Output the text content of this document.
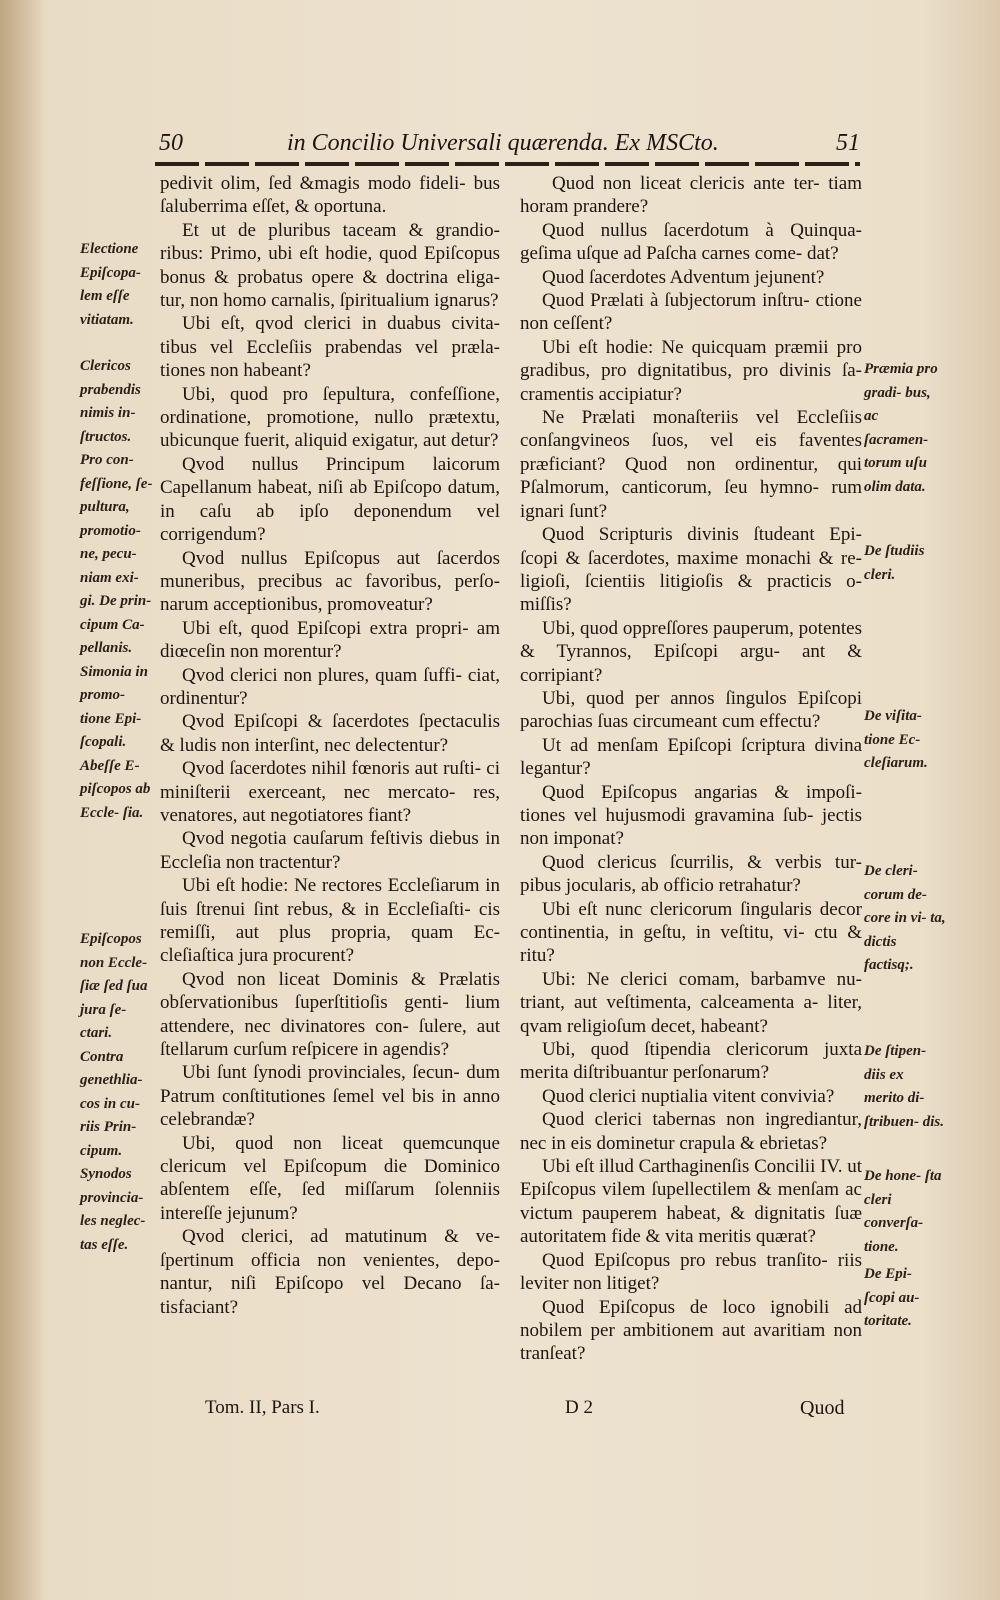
50	in Concilio Universali quærenda. Ex MSCto.	51

pedivit olim, ſed &magis modo fideli- bus ſaluberrima eſſet, & oportuna.

Et ut de pluribus taceam & grandio- ribus: Primo, ubi eſt hodie, quod Epiſcopus bonus & probatus opere & doctrina eliga- tur, non homo carnalis, ſpiritualium ignarus?

Ubi eſt, qvod clerici in duabus civita- tibus vel Eccleſiis prabendas vel præla- tiones non habeant?

Ubi, quod pro ſepultura, confeſſione, ordinatione, promotione, nullo prætextu, ubicunque fuerit, aliquid exigatur, aut detur?

Qvod nullus Principum laicorum Capellanum habeat, niſi ab Epiſcopo datum, in caſu ab ipſo deponendum vel corrigendum?

Qvod nullus Epiſcopus aut ſacerdos muneribus, precibus ac favoribus, perſo- narum acceptionibus, promoveatur?

Ubi eſt, quod Epiſcopi extra propri- am diœceſin non morentur?

Qvod clerici non plures, quam ſuffi- ciat, ordinentur?

Qvod Epiſcopi & ſacerdotes ſpectaculis & ludis non interſint, nec delectentur?

Qvod ſacerdotes nihil fœnoris aut ruſti- ci miniſterii exerceant, nec mercato- res, venatores, aut negotiatores fiant?

Qvod negotia cauſarum feſtivis diebus in Eccleſia non tractentur?

Ubi eſt hodie: Ne rectores Eccleſiarum in ſuis ſtrenui ſint rebus, & in Eccleſiaſti- cis remiſſi, aut plus propria, quam Ec- cleſiaſtica jura procurent?

Qvod non liceat Dominis & Prælatis obſervationibus ſuperſtitioſis genti- lium attendere, nec divinatores con- ſulere, aut ſtellarum curſum reſpicere in agendis?

Ubi ſunt ſynodi provinciales, ſecun- dum Patrum conſtitutiones ſemel vel bis in anno celebrandæ?

Ubi, quod non liceat quemcunque clericum vel Epiſcopum die Dominico abſentem eſſe, ſed miſſarum ſolenniis intereſſe jejunum?

Qvod clerici, ad matutinum & ve- ſpertinum officia non venientes, depo- nantur, niſi Epiſcopo vel Decano ſa- tisfaciant?

Quod non liceat clericis ante ter- tiam horam prandere?

Quod nullus ſacerdotum à Quinqua- geſima uſque ad Paſcha carnes come- dat?

Quod ſacerdotes Adventum jejunent?

Quod Prælati à ſubjectorum inſtru- ctione non ceſſent?

Ubi eſt hodie: Ne quicquam præmii pro gradibus, pro dignitatibus, pro divinis ſa- cramentis accipiatur?

Ne Prælati monaſteriis vel Eccleſiis conſangvineos ſuos, vel eis faventes præficiant? Quod non ordinentur, qui Pſalmorum, canticorum, ſeu hymno- rum ignari ſunt?

Quod Scripturis divinis ſtudeant Epi- ſcopi & ſacerdotes, maxime monachi & re- ligioſi, ſcientiis litigioſis & practicis o- miſſis?

Ubi, quod oppreſſores pauperum, potentes & Tyrannos, Epiſcopi argu- ant & corripiant?

Ubi, quod per annos ſingulos Epiſcopi parochias ſuas circumeant cum effectu?

Ut ad menſam Epiſcopi ſcriptura divina legantur?

Quod Epiſcopus angarias & impoſi- tiones vel hujusmodi gravamina ſub- jectis non imponat?

Quod clericus ſcurrilis, & verbis tur- pibus jocularis, ab officio retrahatur?

Ubi eſt nunc clericorum ſingularis decor continentia, in geſtu, in veſtitu, vi- ctu & ritu?

Ubi: Ne clerici comam, barbamve nu- triant, aut veſtimenta, calceamenta a- liter, qvam religioſum decet, habeant?

Ubi, quod ſtipendia clericorum juxta merita diſtribuantur perſonarum?

Quod clerici nuptialia vitent convivia?

Quod clerici tabernas non ingrediantur, nec in eis dominetur crapula & ebrietas?

Ubi eſt illud Carthaginenſis Concilii IV. ut Epiſcopus vilem ſupellectilem & menſam ac victum pauperem habeat, & dignitatis ſuæ autoritatem fide & vita meritis quærat?

Quod Epiſcopus pro rebus tranſito- riis leviter non litiget?

Quod Epiſcopus de loco ignobili ad nobilem per ambitionem aut avaritiam non tranſeat?

Electione Epiſcopa- lem eſſe vitiatam.
Clericos prabendis nimis in- ſtructos. Pro con- feſſione, ſe- pultura, promotio- ne, pecu- niam exi- gi. De prin- cipum Ca- pellanis. Simonia in promo- tione Epi- ſcopali. Abeſſe E- piſcopos ab Eccle- ſia.
Epiſcopos non Eccle- ſiæ ſed ſua jura ſe- ctari. Contra genethlia- cos in cu- riis Prin- cipum. Synodos provincia- les neglec- tas eſſe.
Præmia pro gradi- bus, ac ſacramen- torum uſu olim data.
De ſtudiis cleri.
De viſita- tione Ec- cleſiarum.
De cleri- corum de- core in vi- ta, dictis factisq;.
De ſtipen- diis ex merito di- ſtribuen- dis.
De hone- ſta cleri converſa- tione.
De Epi- ſcopi au- toritate.
Tom. II, Pars I.	D 2	Quod
